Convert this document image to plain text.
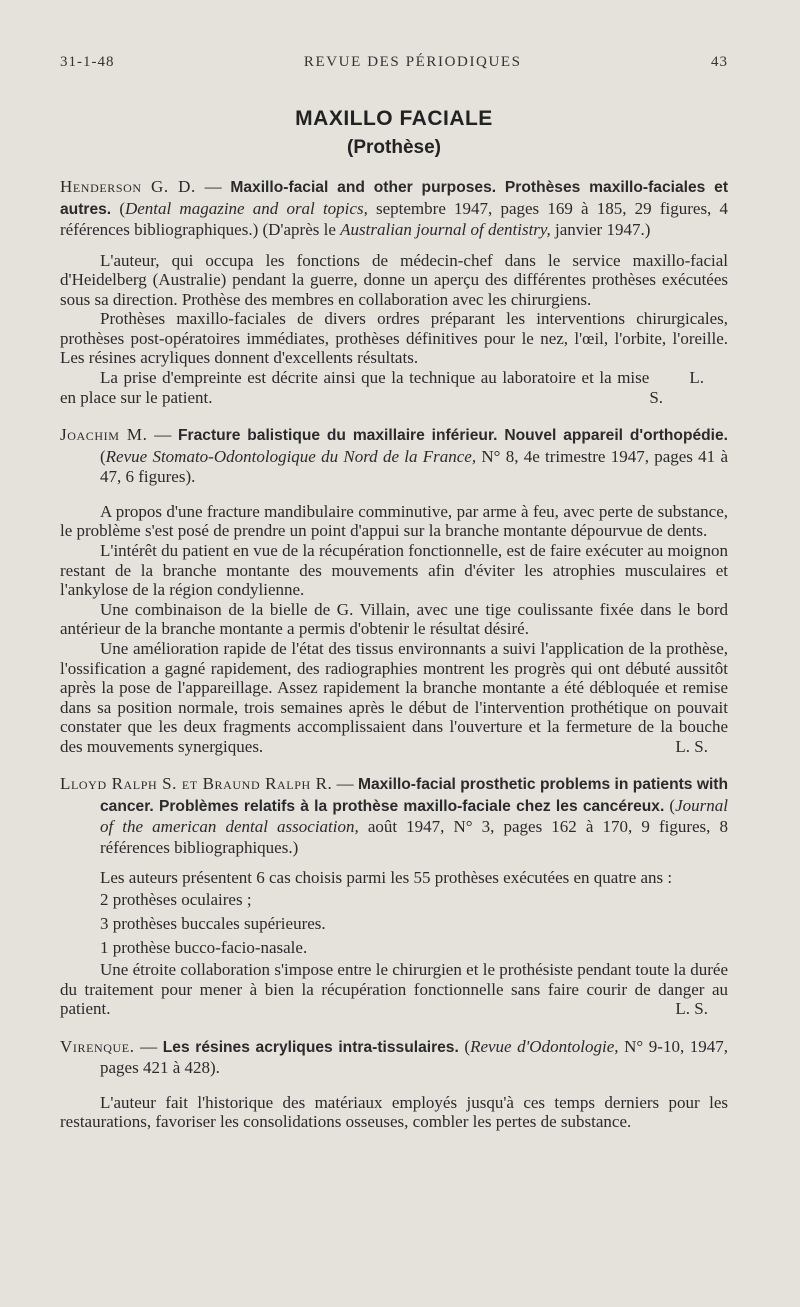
31-1-48	REVUE DES PÉRIODIQUES	43
MAXILLO FACIALE
(Prothèse)

Henderson G. D. — Maxillo-facial and other purposes. Prothèses maxillo-faciales et autres. (Dental magazine and oral topics, septembre 1947, pages 169 à 185, 29 figures, 4 références bibliographiques.) (D'après le Australian journal of dentistry, janvier 1947.)

L'auteur, qui occupa les fonctions de médecin-chef dans le service maxillo-facial d'Heidelberg (Australie) pendant la guerre, donne un aperçu des différentes prothèses exécutées sous sa direction. Prothèse des membres en collaboration avec les chirurgiens.

Prothèses maxillo-faciales de divers ordres préparant les interventions chirurgicales, prothèses post-opératoires immédiates, prothèses définitives pour le nez, l'œil, l'orbite, l'oreille. Les résines acryliques donnent d'excellents résultats.

La prise d'empreinte est décrite ainsi que la technique au laboratoire et la mise en place sur le patient.
L. S.

Joachim M. — Fracture balistique du maxillaire inférieur. Nouvel appareil d'orthopédie. (Revue Stomato-Odontologique du Nord de la France, N° 8, 4e trimestre 1947, pages 41 à 47, 6 figures).

A propos d'une fracture mandibulaire comminutive, par arme à feu, avec perte de substance, le problème s'est posé de prendre un point d'appui sur la branche montante dépourvue de dents.

L'intérêt du patient en vue de la récupération fonctionnelle, est de faire exécuter au moignon restant de la branche montante des mouvements afin d'éviter les atrophies musculaires et l'ankylose de la région condylienne.

Une combinaison de la bielle de G. Villain, avec une tige coulissante fixée dans le bord antérieur de la branche montante a permis d'obtenir le résultat désiré.

Une amélioration rapide de l'état des tissus environnants a suivi l'application de la prothèse, l'ossification a gagné rapidement, des radiographies montrent les progrès qui ont débuté aussitôt après la pose de l'appareillage. Assez rapidement la branche montante a été débloquée et remise dans sa position normale, trois semaines après le début de l'intervention prothétique on pouvait constater que les deux fragments accomplissaient dans l'ouverture et la fermeture de la bouche des mouvements synergiques.	L. S.

Lloyd Ralph S. et Braund Ralph R. — Maxillo-facial prosthetic problems in patients with cancer. Problèmes relatifs à la prothèse maxillo-faciale chez les cancéreux. (Journal of the american dental association, août 1947, N° 3, pages 162 à 170, 9 figures, 8 références bibliographiques.)

Les auteurs présentent 6 cas choisis parmi les 55 prothèses exécutées en quatre ans :

2 prothèses oculaires ;

3 prothèses buccales supérieures.

1 prothèse bucco-facio-nasale.

Une étroite collaboration s'impose entre le chirurgien et le prothésiste pendant toute la durée du traitement pour mener à bien la récupération fonctionnelle sans faire courir de danger au patient.	L. S.

Virenque. — Les résines acryliques intra-tissulaires. (Revue d'Odontologie, N° 9-10, 1947, pages 421 à 428).

L'auteur fait l'historique des matériaux employés jusqu'à ces temps derniers pour les restaurations, favoriser les consolidations osseuses, combler les pertes de substance.
